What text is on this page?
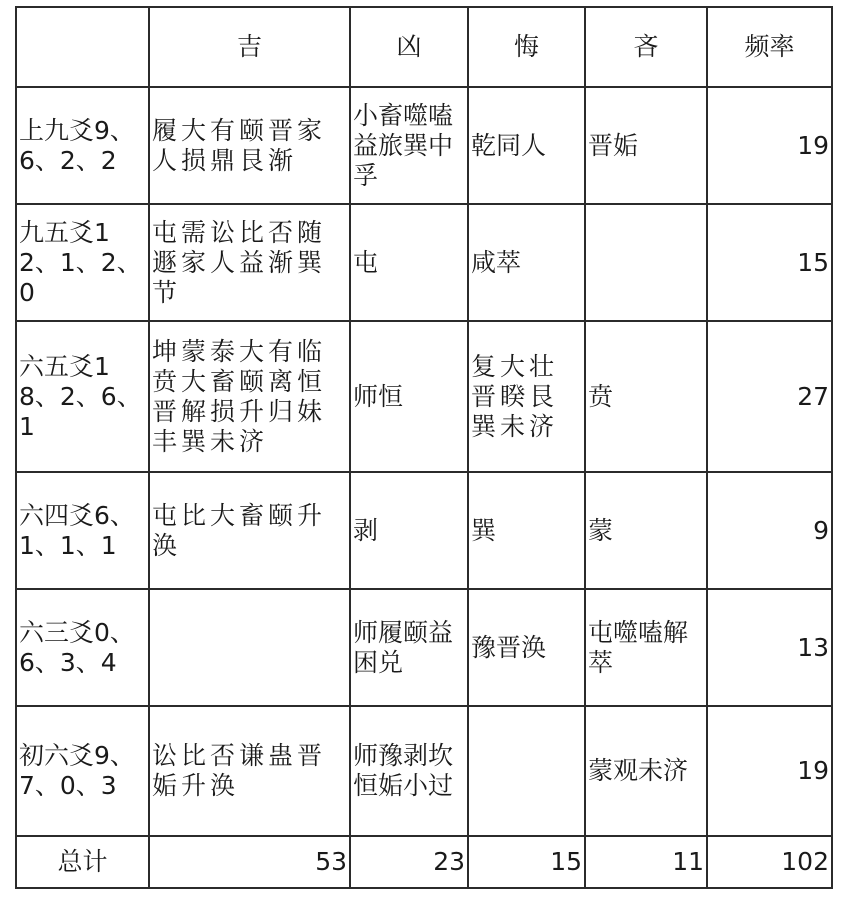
	吉	凶	悔	吝	频率
上九爻9、6、2、2	履大有颐晋家人损鼎艮渐	小畜噬嗑益旅巽中孚	乾同人	晋姤	19
九五爻12、1、2、0	屯需讼比否随遯家人益渐巽节	屯	咸萃		15
六五爻18、2、6、1	坤蒙泰大有临贲大畜颐离恒晋解损升归妹丰巽未济	师恒	复大壮晋睽艮巽未济	贲	27
六四爻6、1、1、1	屯比大畜颐升涣	剥	巽	蒙	9
六三爻0、6、3、4		师履颐益困兑	豫晋涣	屯噬嗑解萃	13
初六爻9、7、0、3	讼比否谦蛊晋姤升涣	师豫剥坎恒姤小过		蒙观未济	19
总计	53	23	15	11	102
